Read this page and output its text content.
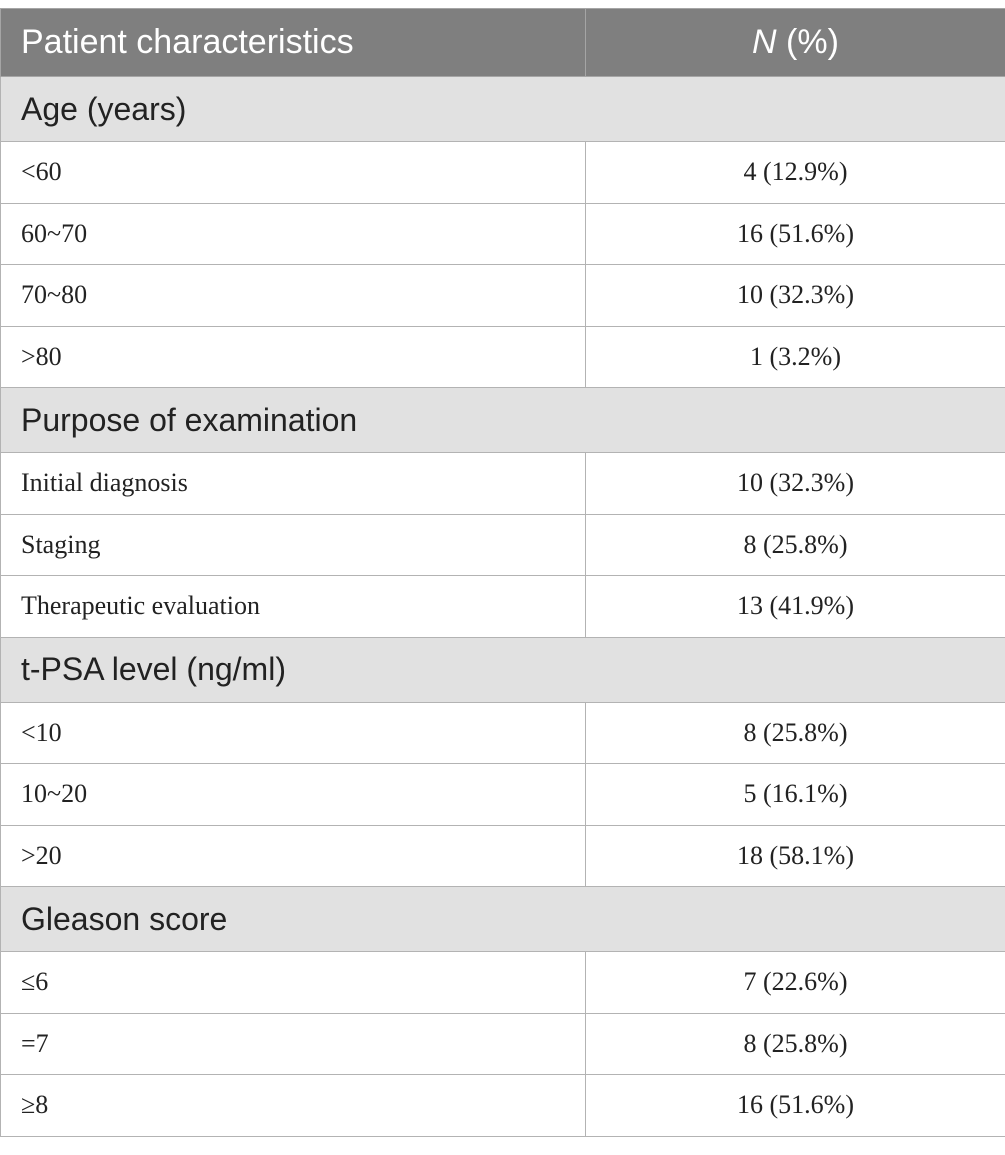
Patient characteristics	N (%)
Age (years)	
<60	4 (12.9%)
60~70	16 (51.6%)
70~80	10 (32.3%)
>80	1 (3.2%)
Purpose of examination	
Initial diagnosis	10 (32.3%)
Staging	8 (25.8%)
Therapeutic evaluation	13 (41.9%)
t-PSA level (ng/ml)	
<10	8 (25.8%)
10~20	5 (16.1%)
>20	18 (58.1%)
Gleason score	
≤6	7 (22.6%)
=7	8 (25.8%)
≥8	16 (51.6%)
